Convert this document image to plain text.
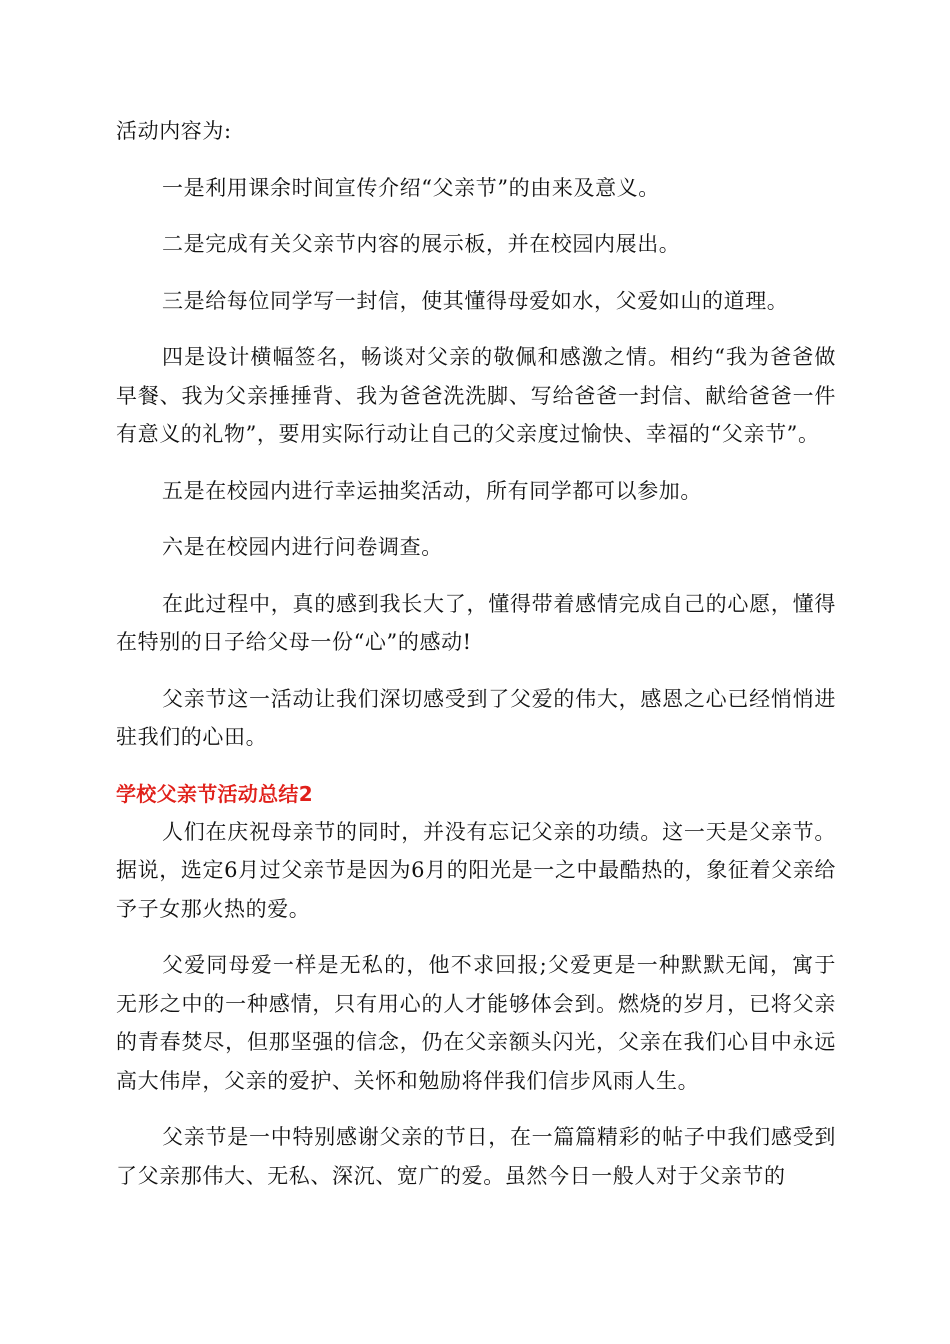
活动内容为:

一是利用课余时间宣传介绍“父亲节”的由来及意义。

二是完成有关父亲节内容的展示板，并在校园内展出。

三是给每位同学写一封信，使其懂得母爱如水，父爱如山的道理。

四是设计横幅签名，畅谈对父亲的敬佩和感激之情。相约“我为爸爸做早餐、我为父亲捶捶背、我为爸爸洗洗脚、写给爸爸一封信、献给爸爸一件有意义的礼物”，要用实际行动让自己的父亲度过愉快、幸福的“父亲节”。

五是在校园内进行幸运抽奖活动，所有同学都可以参加。

六是在校园内进行问卷调查。

在此过程中，真的感到我长大了，懂得带着感情完成自己的心愿，懂得在特别的日子给父母一份“心”的感动!

父亲节这一活动让我们深切感受到了父爱的伟大，感恩之心已经悄悄进驻我们的心田。

学校父亲节活动总结2

人们在庆祝母亲节的同时，并没有忘记父亲的功绩。这一天是父亲节。据说，选定6月过父亲节是因为6月的阳光是一之中最酷热的，象征着父亲给予子女那火热的爱。

父爱同母爱一样是无私的，他不求回报;父爱更是一种默默无闻，寓于无形之中的一种感情，只有用心的人才能够体会到。燃烧的岁月，已将父亲的青春焚尽，但那坚强的信念，仍在父亲额头闪光，父亲在我们心目中永远高大伟岸，父亲的爱护、关怀和勉励将伴我们信步风雨人生。

父亲节是一中特别感谢父亲的节日，在一篇篇精彩的帖子中我们感受到了父亲那伟大、无私、深沉、宽广的爱。虽然今日一般人对于父亲节的
